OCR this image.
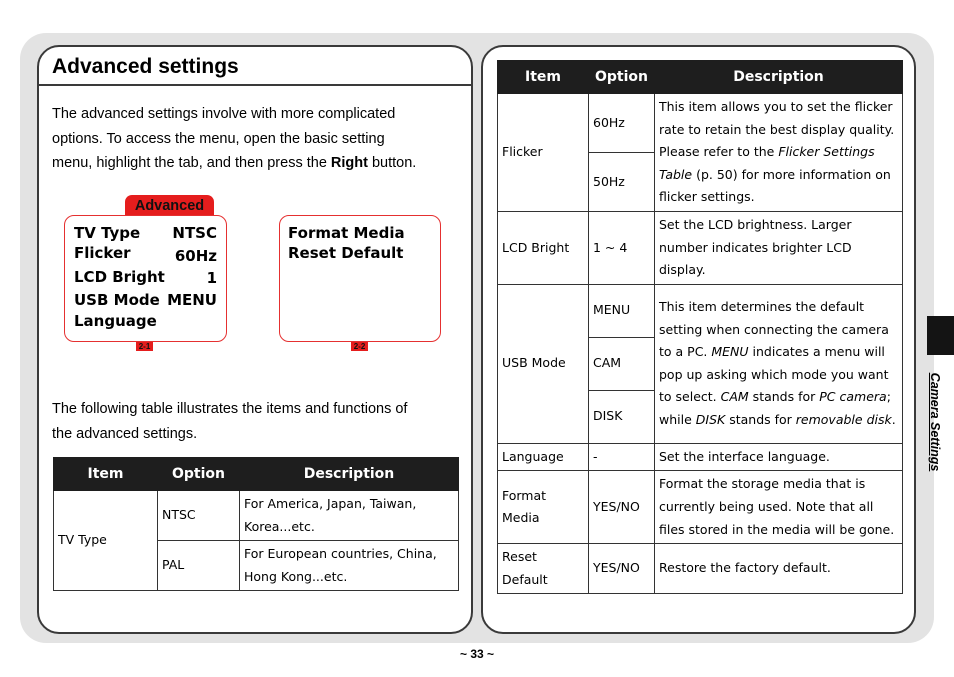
Advanced settings
The advanced settings involve with more complicated
options. To access the menu, open the basic setting
menu, highlight the tab, and then press the Right button.
Advanced
TV Type NTSC
Flicker	60Hz
LCD Bright	1
USB Mode MENU
Language
2-1
Format Media
Reset Default
2-2
The following table illustrates the items and functions of
the advanced settings.
Item	Option	Description
TV Type	NTSC	For America, Japan, Taiwan, Korea...etc.
	PAL	For European countries, China, Hong Kong...etc.
Item	Option	Description
Flicker	60Hz	This item allows you to set the flicker rate to retain the best display quality. Please refer to the Flicker Settings Table (p. 50) for more information on flicker settings.
	50Hz	
LCD Bright	1 ~ 4	Set the LCD brightness. Larger number indicates brighter LCD display.
USB Mode	MENU	This item determines the default setting when connecting the camera to a PC. MENU indicates a menu will pop up asking which mode you want to select. CAM stands for PC camera; while DISK stands for removable disk.
	CAM	
	DISK	
Language	-	Set the interface language.
Format Media	YES/NO	Format the storage media that is currently being used. Note that all files stored in the media will be gone.
Reset Default	YES/NO	Restore the factory default.
Camera Settings
~ 33 ~
